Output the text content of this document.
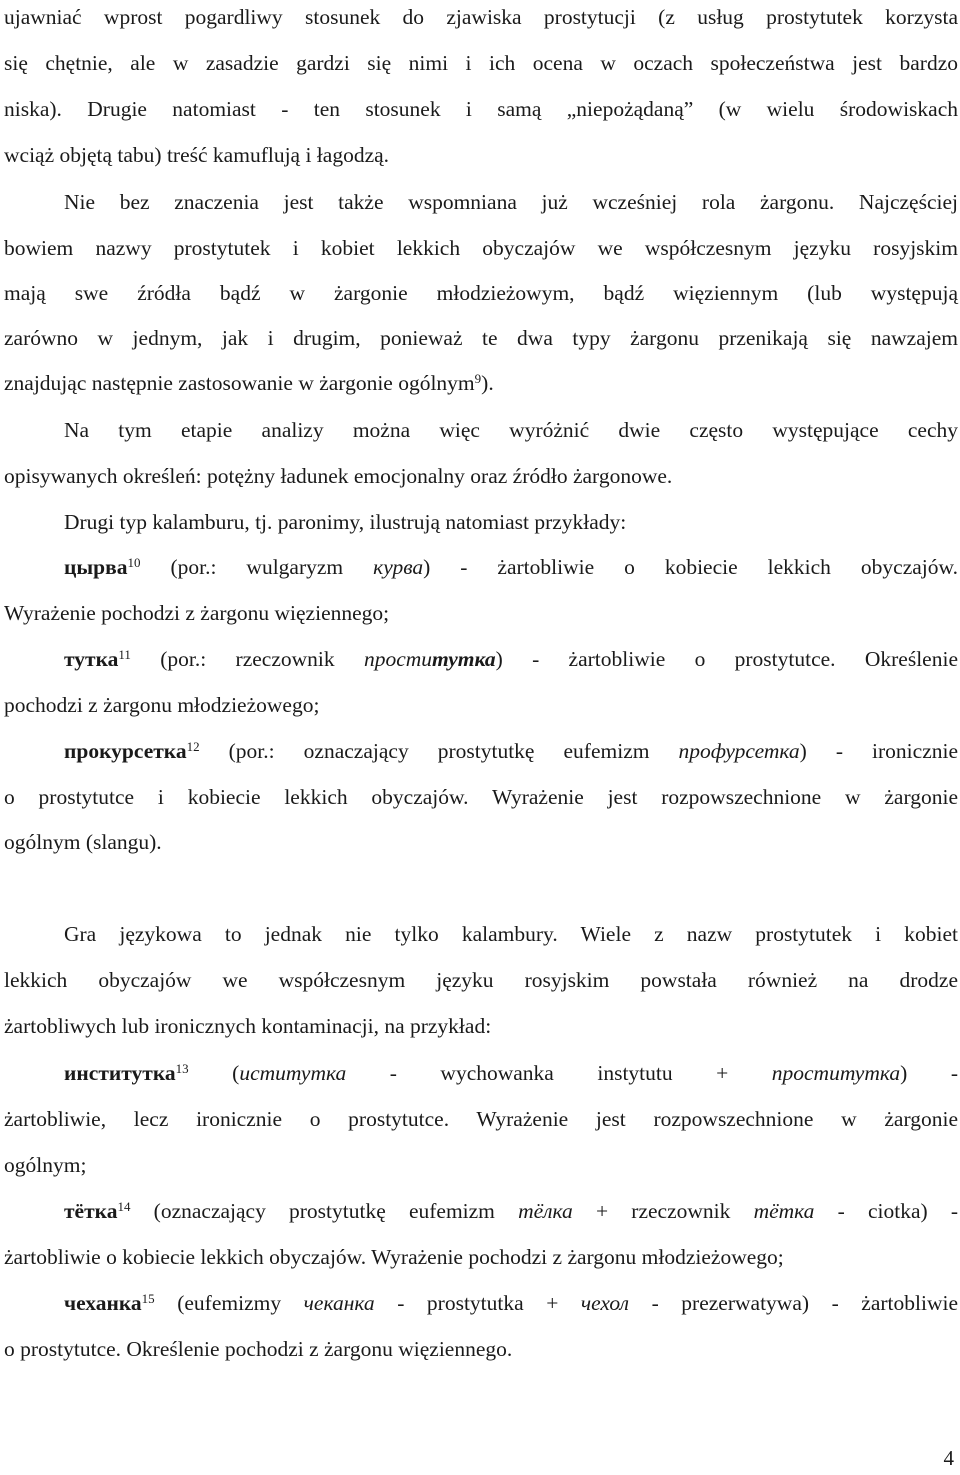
ujawniać wprost pogardliwy stosunek do zjawiska prostytucji (z usług prostytutek korzysta
się chętnie, ale w zasadzie gardzi się nimi i ich ocena w oczach społeczeństwa jest bardzo
niska). Drugie natomiast - ten stosunek i samą „niepożądaną” (w wielu środowiskach
wciąż objętą tabu) treść kamuflują i łagodzą.
Nie bez znaczenia jest także wspomniana już wcześniej rola żargonu. Najczęściej
bowiem nazwy prostytutek i kobiet lekkich obyczajów we współczesnym języku rosyjskim
mają swe źródła bądź w żargonie młodzieżowym, bądź więziennym (lub występują
zarówno w jednym, jak i drugim, ponieważ te dwa typy żargonu przenikają się nawzajem
znajdując następnie zastosowanie w żargonie ogólnym$^9$).
Na tym etapie analizy można więc wyróżnić dwie często występujące cechy
opisywanych określeń: potężny ładunek emocjonalny oraz źródło żargonowe.
Drugi typ kalamburu, tj. paronimy, ilustrują natomiast przykłady:
цырва$^{10}$ (por.: wulgaryzm курва) - żartobliwie o kobiecie lekkich obyczajów.
Wyrażenie pochodzi z żargonu więziennego;
тутка$^{11}$ (por.: rzeczownik проститутка) - żartobliwie o prostytutce. Określenie
pochodzi z żargonu młodzieżowego;
прокурсетка$^{12}$ (por.: oznaczający prostytutkę eufemizm профурсетка) - ironicznie
o prostytutce i kobiecie lekkich obyczajów. Wyrażenie jest rozpowszechnione w żargonie
ogólnym (slangu).
Gra językowa to jednak nie tylko kalambury. Wiele z nazw prostytutek i kobiet
lekkich obyczajów we współczesnym języku rosyjskim powstała również na drodze
żartobliwych lub ironicznych kontaminacji, na przykład:
институтка$^{13}$ (иститутка - wychowanka instytutu + проститутка) -
żartobliwie, lecz ironicznie o prostytutce. Wyrażenie jest rozpowszechnione w żargonie
ogólnym;
тётка$^{14}$ (oznaczający prostytutkę eufemizm тёлка + rzeczownik тётка - ciotka) -
żartobliwie o kobiecie lekkich obyczajów. Wyrażenie pochodzi z żargonu młodzieżowego;
чеханка$^{15}$ (eufemizmy чеканка - prostytutka + чехол - prezerwatywa) - żartobliwie
o prostytutce. Określenie pochodzi z żargonu więziennego.
4
